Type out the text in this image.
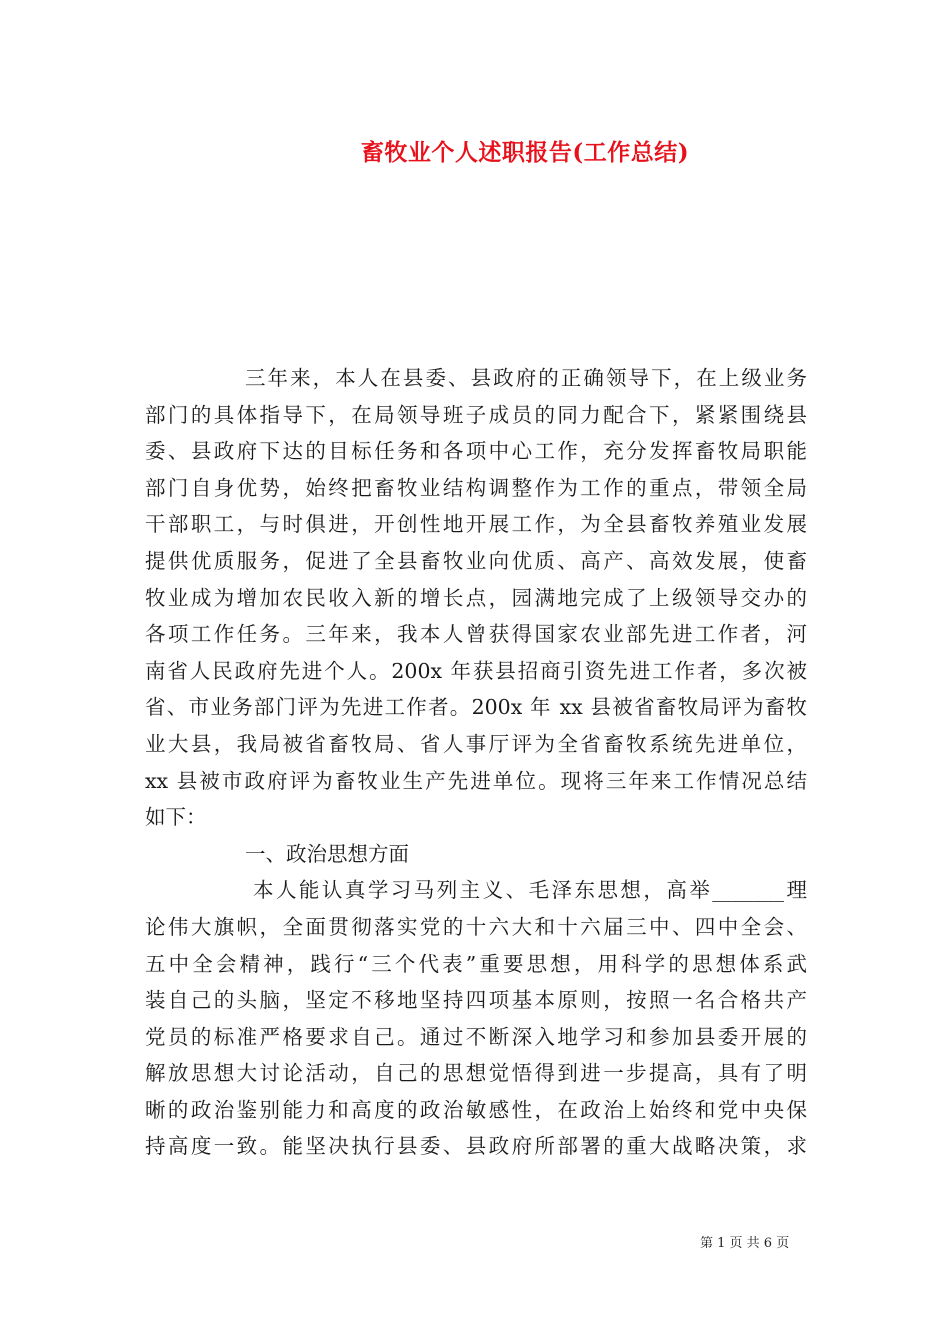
畜牧业个人述职报告(工作总结)
三年来，本人在县委、县政府的正确领导下，在上级业务
部门的具体指导下，在局领导班子成员的同力配合下，紧紧围绕县
委、县政府下达的目标任务和各项中心工作，充分发挥畜牧局职能
部门自身优势，始终把畜牧业结构调整作为工作的重点，带领全局
干部职工，与时俱进，开创性地开展工作，为全县畜牧养殖业发展
提供优质服务，促进了全县畜牧业向优质、高产、高效发展，使畜
牧业成为增加农民收入新的增长点，园满地完成了上级领导交办的
各项工作任务。三年来，我本人曾获得国家农业部先进工作者，河
南省人民政府先进个人。200x 年获县招商引资先进工作者，多次被
省、市业务部门评为先进工作者。200x 年 xx 县被省畜牧局评为畜牧
业大县，我局被省畜牧局、省人事厅评为全省畜牧系统先进单位，
xx 县被市政府评为畜牧业生产先进单位。现将三年来工作情况总结
如下：
一、政治思想方面
本人能认真学习马列主义、毛泽东思想，高举_______理
论伟大旗帜，全面贯彻落实党的十六大和十六届三中、四中全会、
五中全会精神，践行“三个代表”重要思想，用科学的思想体系武
装自己的头脑，坚定不移地坚持四项基本原则，按照一名合格共产
党员的标准严格要求自己。通过不断深入地学习和参加县委开展的
解放思想大讨论活动，自己的思想觉悟得到进一步提高，具有了明
晰的政治鉴别能力和高度的政治敏感性，在政治上始终和党中央保
持高度一致。能坚决执行县委、县政府所部署的重大战略决策，求
第 1 页 共 6 页
